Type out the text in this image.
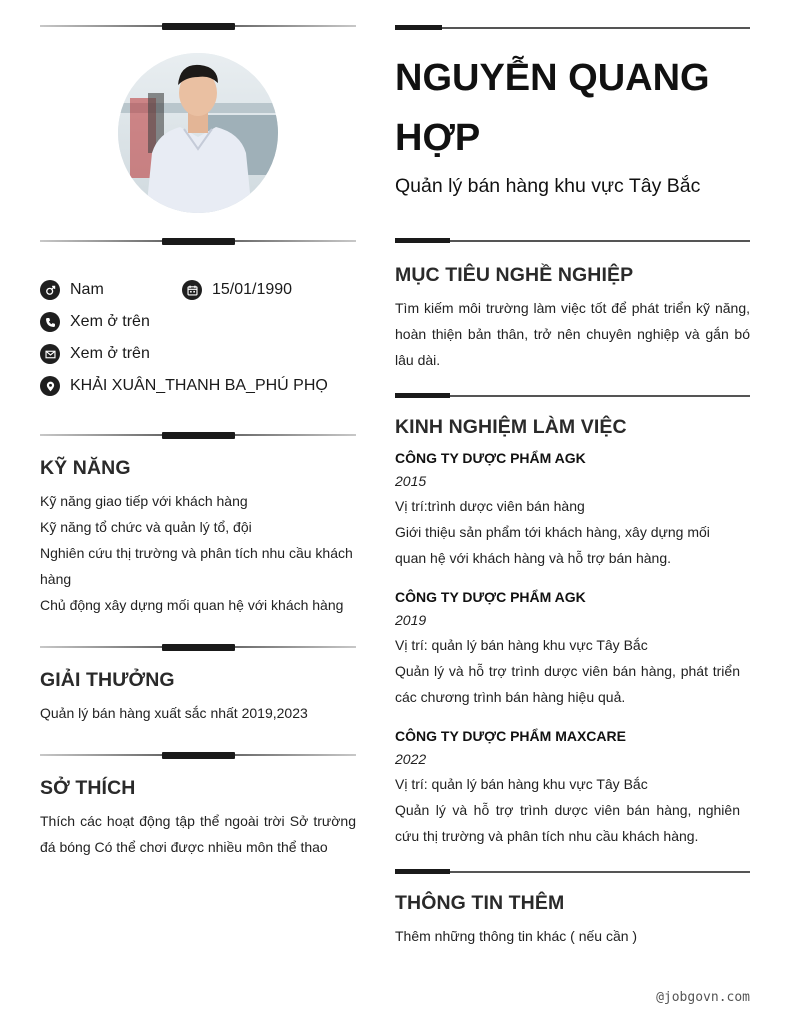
Nam	15/01/1990
Xem ở trên
Xem ở trên
KHẢI XUÂN_THANH BA_PHÚ PHỌ
KỸ NĂNG
Kỹ năng giao tiếp với khách hàng
Kỹ năng tổ chức và quản lý tổ, đội
Nghiên cứu thị trường và phân tích nhu cầu khách hàng
Chủ động xây dựng mối quan hệ với khách hàng
GIẢI THƯỞNG
Quản lý bán hàng xuất sắc nhất 2019,2023
SỞ THÍCH
Thích các hoạt động tập thể ngoài trời Sở trường đá bóng Có thể chơi được nhiều môn thể thao
NGUYỄN QUANG HỢP
Quản lý bán hàng khu vực Tây Bắc
MỤC TIÊU NGHỀ NGHIỆP
Tìm kiếm môi trường làm việc tốt để phát triển kỹ năng, hoàn thiện bản thân, trở nên chuyên nghiệp và gắn bó lâu dài.
KINH NGHIỆM LÀM VIỆC
CÔNG TY DƯỢC PHẨM AGK
2015
Vị trí:trình dược viên bán hàng
Giới thiệu sản phẩm tới khách hàng, xây dựng mối quan hệ với khách hàng và hỗ trợ bán hàng.
CÔNG TY DƯỢC PHẨM AGK
2019
Vị trí: quản lý bán hàng khu vực Tây Bắc
Quản lý và hỗ trợ trình dược viên bán hàng, phát triển các chương trình bán hàng hiệu quả.
CÔNG TY DƯỢC PHẨM MAXCARE
2022
Vị trí: quản lý bán hàng khu vực Tây Bắc
Quản lý và hỗ trợ trình dược viên bán hàng, nghiên cứu thị trường và phân tích nhu cầu khách hàng.
THÔNG TIN THÊM
Thêm những thông tin khác ( nếu cần )
@jobgovn.com
